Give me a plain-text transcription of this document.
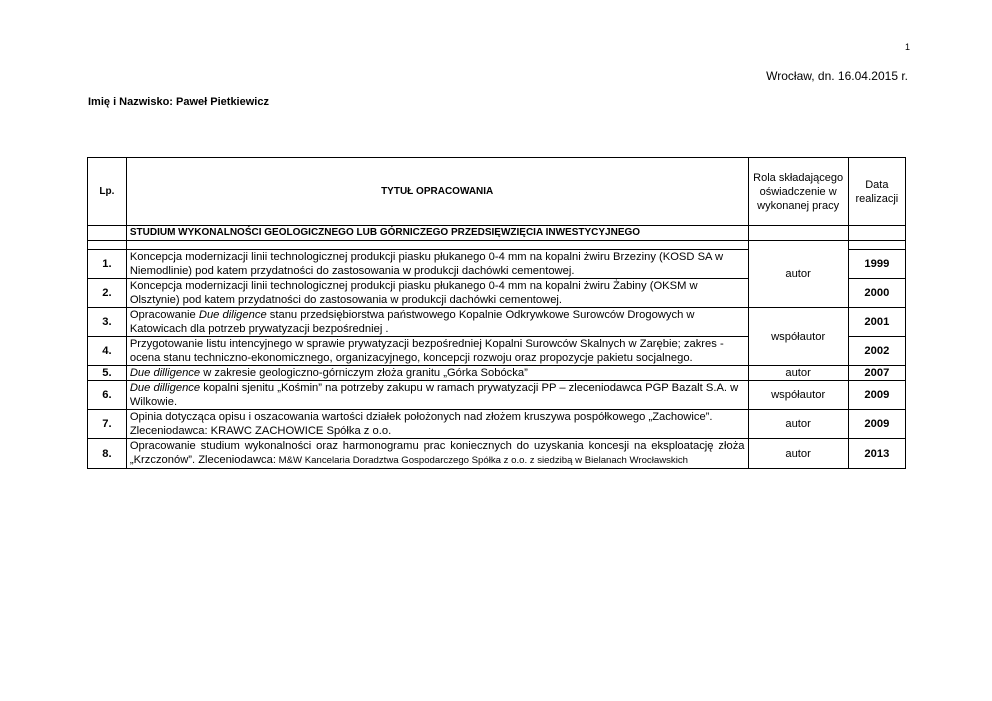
1
Wrocław, dn. 16.04.2015 r.
Imię i Nazwisko: Paweł Pietkiewicz
Lp.	TYTUŁ OPRACOWANIA	Rola składającego oświadczenie w wykonanej pracy	Data realizacji
	STUDIUM WYKONALNOŚCI GEOLOGICZNEGO LUB GÓRNICZEGO PRZEDSIĘWZIĘCIA INWESTYCYJNEGO		
		autor	
1.	Koncepcja modernizacji linii technologicznej produkcji piasku płukanego 0-4 mm na kopalni żwiru Brzeziny (KOSD SA w Niemodlinie) pod katem przydatności do zastosowania w produkcji dachówki cementowej.		1999
2.	Koncepcja modernizacji linii technologicznej produkcji piasku płukanego 0-4 mm na kopalni żwiru Żabiny (OKSM w Olsztynie) pod katem przydatności do zastosowania w produkcji dachówki cementowej.		2000
3.	Opracowanie Due diligence stanu przedsiębiorstwa państwowego Kopalnie Odkrywkowe Surowców Drogowych w Katowicach dla potrzeb prywatyzacji bezpośredniej .	współautor	2001
4.	Przygotowanie listu intencyjnego w sprawie prywatyzacji bezpośredniej Kopalni Surowców Skalnych w Zarębie; zakres - ocena stanu techniczno-ekonomicznego, organizacyjnego, koncepcji rozwoju oraz propozycje pakietu socjalnego.		2002
5.	Due dilligence w zakresie geologiczno-górniczym złoża granitu „Górka Sobócka”	autor	2007
6.	Due dilligence kopalni sjenitu „Kośmin” na potrzeby zakupu w ramach prywatyzacji PP – zleceniodawca PGP Bazalt S.A. w Wilkowie.	współautor	2009
7.	Opinia dotycząca opisu i oszacowania wartości działek położonych nad złożem kruszywa pospółkowego „Zachowice”. Zleceniodawca: KRAWC ZACHOWICE Spółka z o.o.	autor	2009
8.	Opracowanie studium wykonalności oraz harmonogramu prac koniecznych do uzyskania koncesji na eksploatację złoża „Krzczonów”. Zleceniodawca: M&W Kancelaria Doradztwa Gospodarczego Spółka z o.o. z siedzibą w Bielanach Wrocławskich	autor	2013
